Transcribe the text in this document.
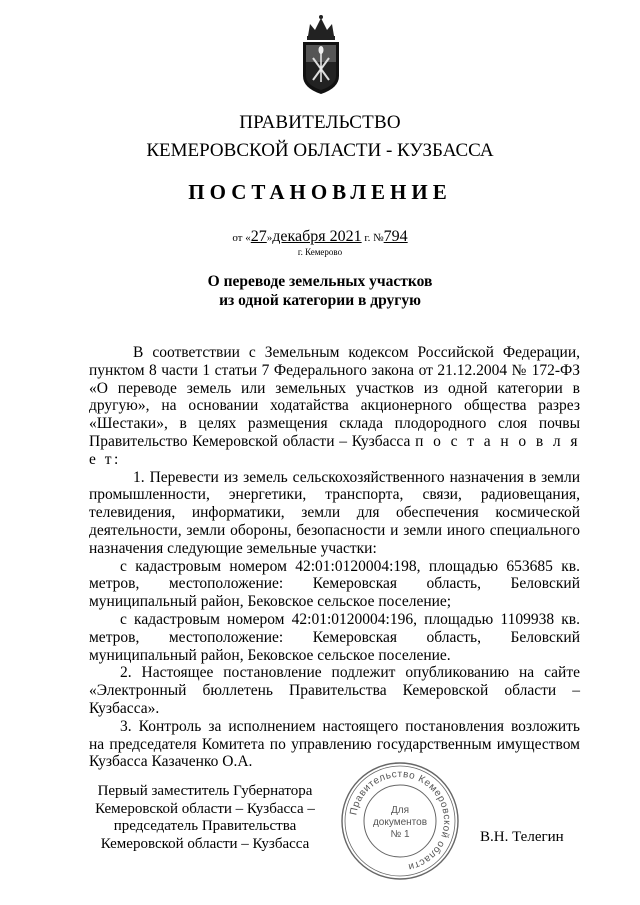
ПРАВИТЕЛЬСТВО
КЕМЕРОВСКОЙ ОБЛАСТИ - КУЗБАССА
ПОСТАНОВЛЕНИЕ
от «27»декабря 2021 г. №794
г. Кемерово
О переводе земельных участков
из одной категории в другую

В соответствии с Земельным кодексом Российской Федерации, пунктом 8 части 1 статьи 7 Федерального закона от 21.12.2004 № 172-ФЗ «О переводе земель или земельных участков из одной категории в другую», на основании ходатайства акционерного общества разрез «Шестаки», в целях размещения склада плодородного слоя почвы Правительство Кемеровской области – Кузбасса п о с т а н о в л я е т:

1. Перевести из земель сельскохозяйственного назначения в земли промышленности, энергетики, транспорта, связи, радиовещания, телевидения, информатики, земли для обеспечения космической деятельности, земли обороны, безопасности и земли иного специального назначения следующие земельные участки:

с кадастровым номером 42:01:0120004:198, площадью 653685 кв. метров, местоположение: Кемеровская область, Беловский муниципальный район, Бековское сельское поселение;

с кадастровым номером 42:01:0120004:196, площадью 1109938 кв. метров, местоположение: Кемеровская область, Беловский муниципальный район, Бековское сельское поселение.

2. Настоящее постановление подлежит опубликованию на сайте «Электронный бюллетень Правительства Кемеровской области – Кузбасса».

3. Контроль за исполнением настоящего постановления возложить на председателя Комитета по управлению государственным имуществом Кузбасса Казаченко О.А.

Первый заместитель Губернатора
Кемеровской области – Кузбасса –
председатель Правительства
Кемеровской области – Кузбасса
Правительство Кемеровской области
Для
документов
№ 1	В.Н. Телегин
